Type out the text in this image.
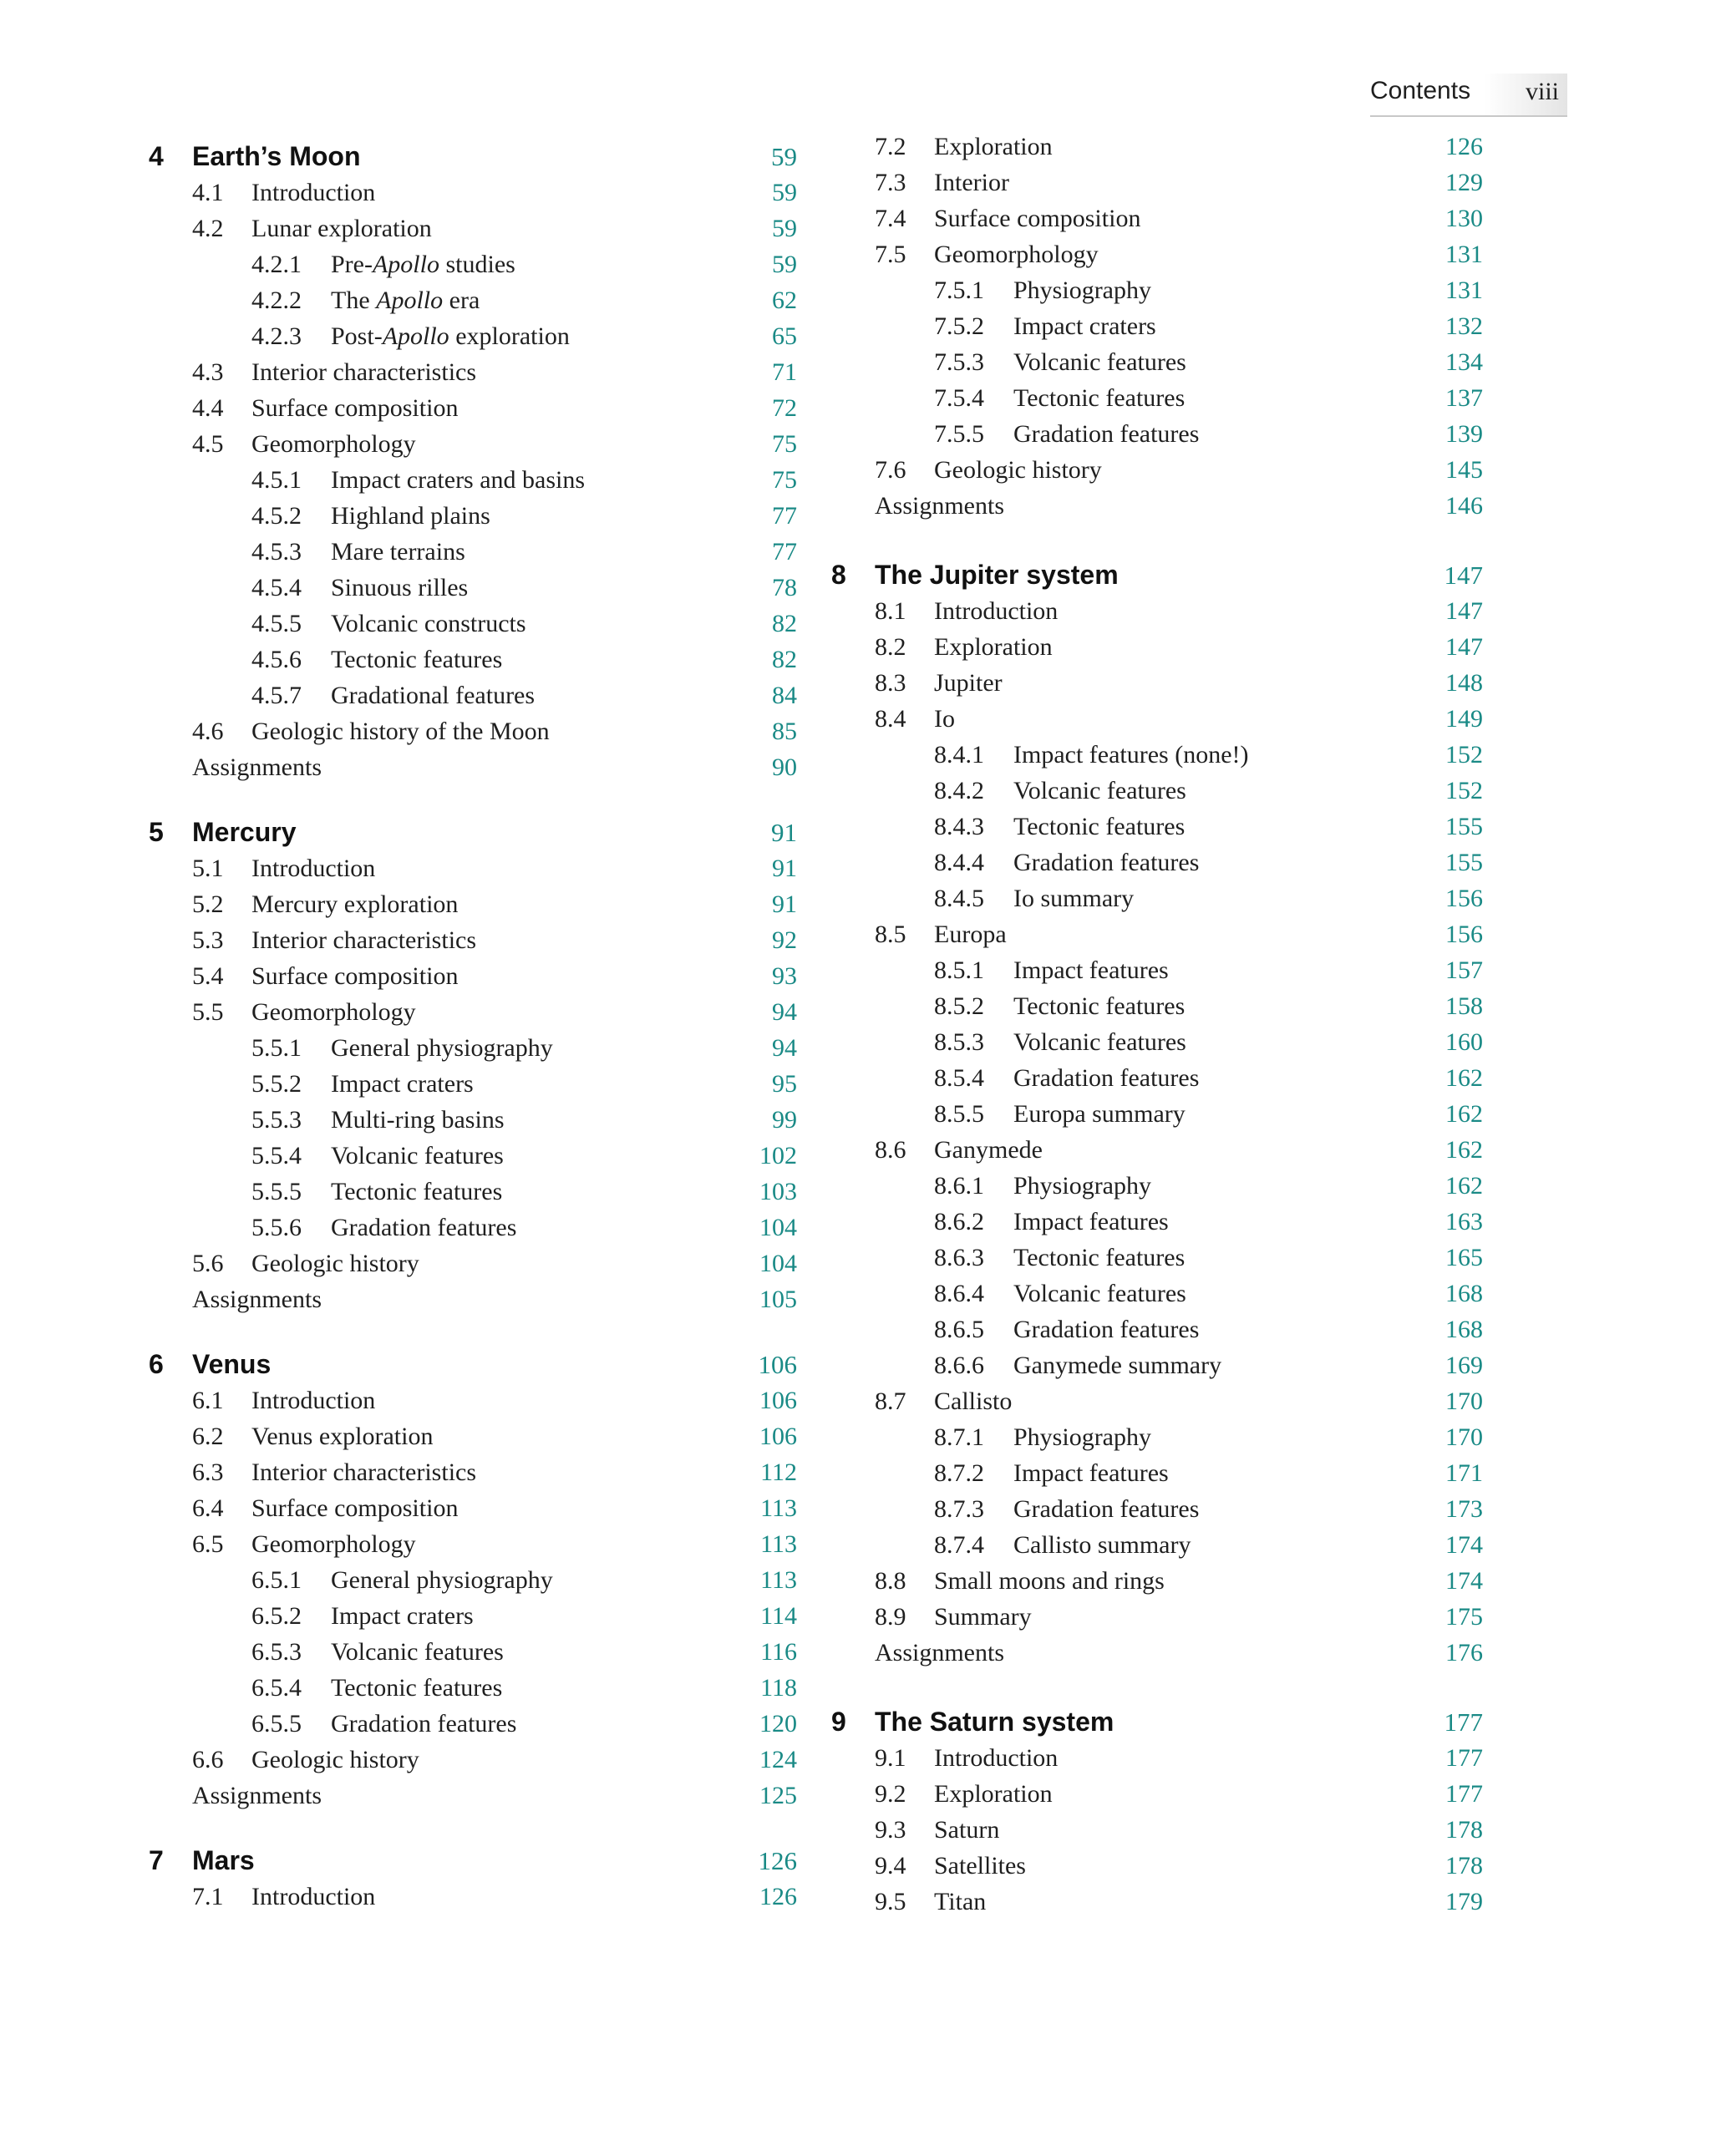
Contents viii
4 Earth’s Moon	59
4.1 Introduction	59
4.2 Lunar exploration	59
4.2.1 Pre-Apollo studies	59
4.2.2 The Apollo era	62
4.2.3 Post-Apollo exploration	65
4.3 Interior characteristics	71
4.4 Surface composition	72
4.5 Geomorphology	75
4.5.1 Impact craters and basins	75
4.5.2 Highland plains	77
4.5.3 Mare terrains	77
4.5.4 Sinuous rilles	78
4.5.5 Volcanic constructs	82
4.5.6 Tectonic features	82
4.5.7 Gradational features	84
4.6 Geologic history of the Moon	85
Assignments	90
5 Mercury	91
5.1 Introduction	91
5.2 Mercury exploration	91
5.3 Interior characteristics	92
5.4 Surface composition	93
5.5 Geomorphology	94
5.5.1 General physiography	94
5.5.2 Impact craters	95
5.5.3 Multi-ring basins	99
5.5.4 Volcanic features	102
5.5.5 Tectonic features	103
5.5.6 Gradation features	104
5.6 Geologic history	104
Assignments	105
6 Venus	106
6.1 Introduction	106
6.2 Venus exploration	106
6.3 Interior characteristics	112
6.4 Surface composition	113
6.5 Geomorphology	113
6.5.1 General physiography	113
6.5.2 Impact craters	114
6.5.3 Volcanic features	116
6.5.4 Tectonic features	118
6.5.5 Gradation features	120
6.6 Geologic history	124
Assignments	125
7 Mars	126
7.1 Introduction	126
7.2 Exploration	126
7.3 Interior	129
7.4 Surface composition	130
7.5 Geomorphology	131
7.5.1 Physiography	131
7.5.2 Impact craters	132
7.5.3 Volcanic features	134
7.5.4 Tectonic features	137
7.5.5 Gradation features	139
7.6 Geologic history	145
Assignments	146
8 The Jupiter system	147
8.1 Introduction	147
8.2 Exploration	147
8.3 Jupiter	148
8.4 Io	149
8.4.1 Impact features (none!)	152
8.4.2 Volcanic features	152
8.4.3 Tectonic features	155
8.4.4 Gradation features	155
8.4.5 Io summary	156
8.5 Europa	156
8.5.1 Impact features	157
8.5.2 Tectonic features	158
8.5.3 Volcanic features	160
8.5.4 Gradation features	162
8.5.5 Europa summary	162
8.6 Ganymede	162
8.6.1 Physiography	162
8.6.2 Impact features	163
8.6.3 Tectonic features	165
8.6.4 Volcanic features	168
8.6.5 Gradation features	168
8.6.6 Ganymede summary	169
8.7 Callisto	170
8.7.1 Physiography	170
8.7.2 Impact features	171
8.7.3 Gradation features	173
8.7.4 Callisto summary	174
8.8 Small moons and rings	174
8.9 Summary	175
Assignments	176
9 The Saturn system	177
9.1 Introduction	177
9.2 Exploration	177
9.3 Saturn	178
9.4 Satellites	178
9.5 Titan	179
